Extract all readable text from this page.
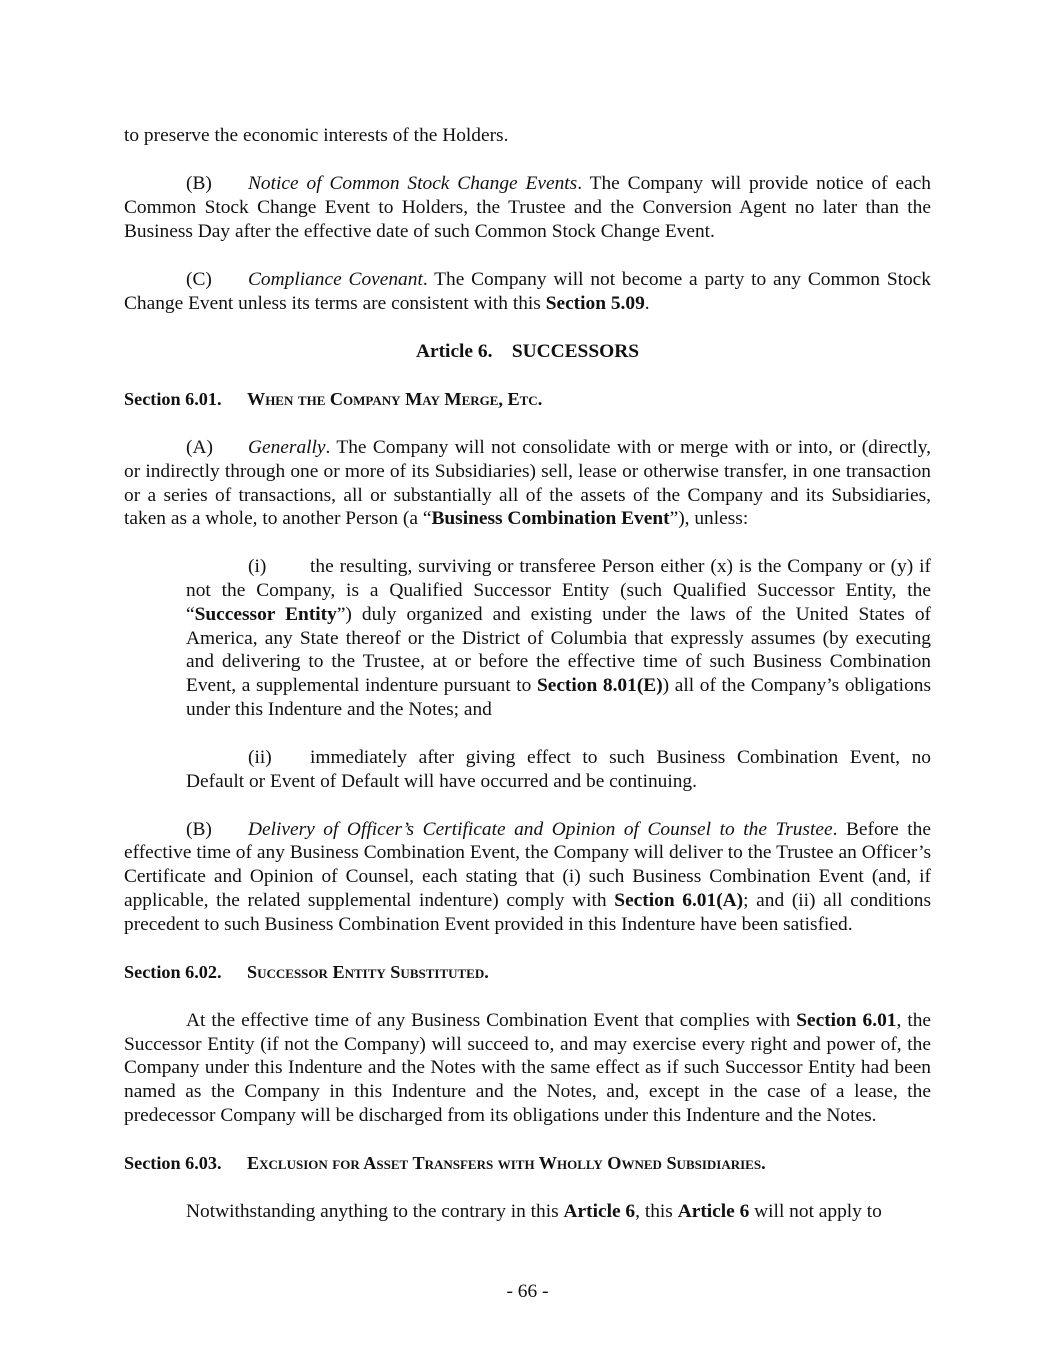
to preserve the economic interests of the Holders.

(B) Notice of Common Stock Change Events. The Company will provide notice of each Common Stock Change Event to Holders, the Trustee and the Conversion Agent no later than the Business Day after the effective date of such Common Stock Change Event.

(C) Compliance Covenant. The Company will not become a party to any Common Stock Change Event unless its terms are consistent with this Section 5.09.

Article 6. SUCCESSORS

Section 6.01. When the Company May Merge, Etc.

(A) Generally. The Company will not consolidate with or merge with or into, or (directly, or indirectly through one or more of its Subsidiaries) sell, lease or otherwise transfer, in one transaction or a series of transactions, all or substantially all of the assets of the Company and its Subsidiaries, taken as a whole, to another Person (a “Business Combination Event”), unless:

(i) the resulting, surviving or transferee Person either (x) is the Company or (y) if not the Company, is a Qualified Successor Entity (such Qualified Successor Entity, the “Successor Entity”) duly organized and existing under the laws of the United States of America, any State thereof or the District of Columbia that expressly assumes (by executing and delivering to the Trustee, at or before the effective time of such Business Combination Event, a supplemental indenture pursuant to Section 8.01(E)) all of the Company’s obligations under this Indenture and the Notes; and

(ii) immediately after giving effect to such Business Combination Event, no Default or Event of Default will have occurred and be continuing.

(B) Delivery of Officer’s Certificate and Opinion of Counsel to the Trustee. Before the effective time of any Business Combination Event, the Company will deliver to the Trustee an Officer’s Certificate and Opinion of Counsel, each stating that (i) such Business Combination Event (and, if applicable, the related supplemental indenture) comply with Section 6.01(A); and (ii) all conditions precedent to such Business Combination Event provided in this Indenture have been satisfied.

Section 6.02. Successor Entity Substituted.

At the effective time of any Business Combination Event that complies with Section 6.01, the Successor Entity (if not the Company) will succeed to, and may exercise every right and power of, the Company under this Indenture and the Notes with the same effect as if such Successor Entity had been named as the Company in this Indenture and the Notes, and, except in the case of a lease, the predecessor Company will be discharged from its obligations under this Indenture and the Notes.

Section 6.03. Exclusion for Asset Transfers with Wholly Owned Subsidiaries.

Notwithstanding anything to the contrary in this Article 6, this Article 6 will not apply to

- 66 -
